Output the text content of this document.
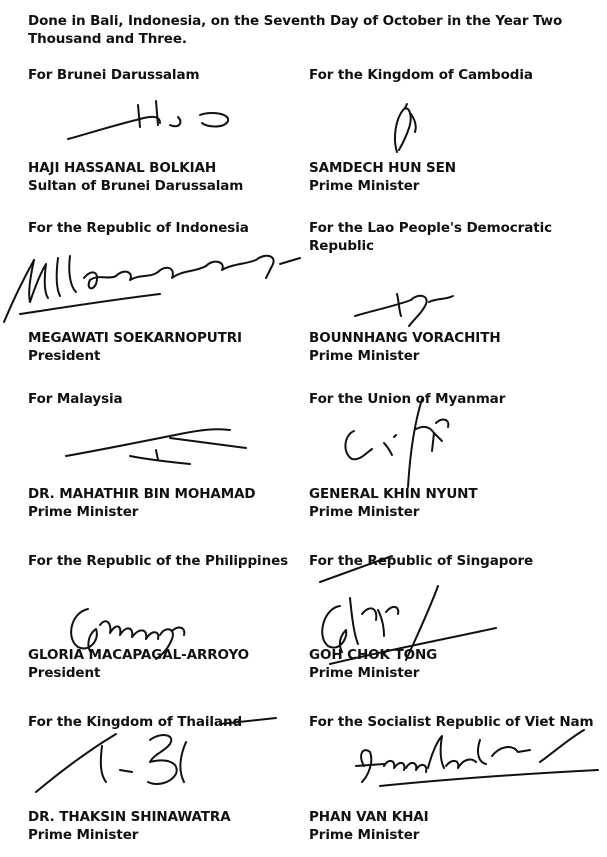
Done in Bali, Indonesia, on the Seventh Day of October in the Year Two Thousand and Three.
For Brunei Darussalam
HAJI HASSANAL BOLKIAH
Sultan of Brunei Darussalam
For the Kingdom of Cambodia
SAMDECH HUN SEN
Prime Minister
For the Republic of Indonesia
MEGAWATI SOEKARNOPUTRI
President
For the Lao People's Democratic Republic
BOUNNHANG VORACHITH
Prime Minister
For Malaysia
DR. MAHATHIR BIN MOHAMAD
Prime Minister
For the Union of Myanmar
GENERAL KHIN NYUNT
Prime Minister
For the Republic of the Philippines
GLORIA MACAPAGAL-ARROYO
President
For the Republic of Singapore
GOH CHOK TONG
Prime Minister
For the Kingdom of Thailand
DR. THAKSIN SHINAWATRA
Prime Minister
For the Socialist Republic of Viet Nam
PHAN VAN KHAI
Prime Minister
